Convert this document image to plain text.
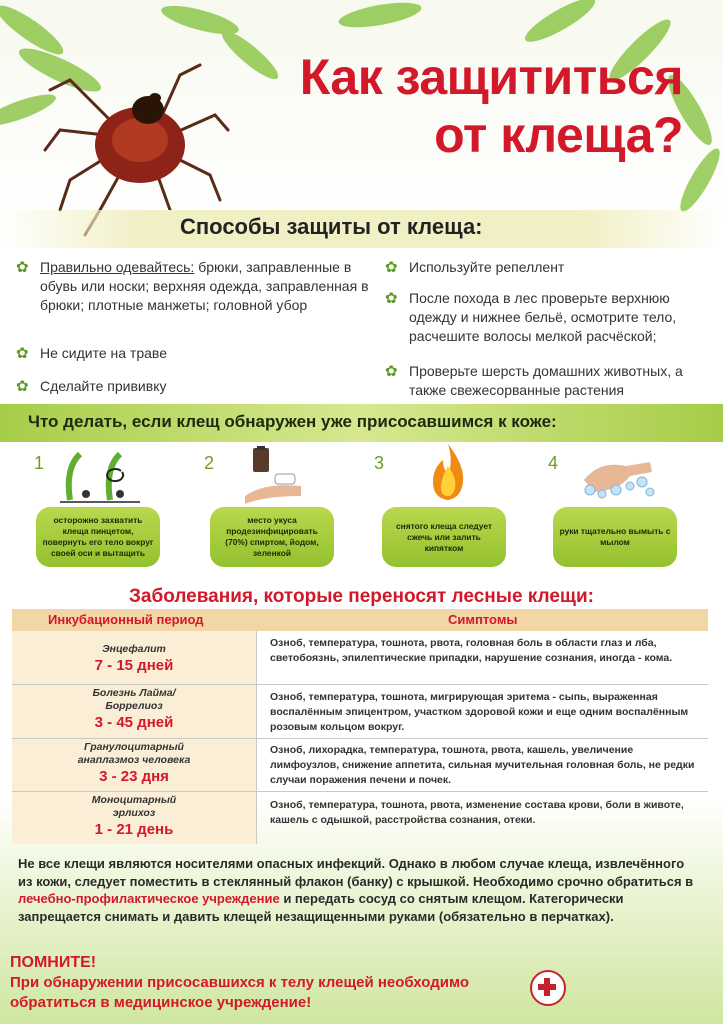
Как защититься
от клеща?
Способы защиты от клеща:
✿ Правильно одевайтесь: брюки, заправленные в обувь или носки; верхняя одежда, заправленная в брюки; плотные манжеты; головной убор
✿ Не сидите на траве
✿ Сделайте прививку
✿ Используйте репеллент
✿ После похода в лес проверьте верхнюю одежду и нижнее бельё, осмотрите тело, расчешите волосы мелкой расчёской;
✿ Проверьте шерсть домашних животных, а также свежесорванные растения
Что делать, если клещ обнаружен уже присосавшимся к коже:
1
осторожно захватить клеща пинцетом, повернуть его тело вокруг своей оси и вытащить
2
место укуса продезинфицировать (70%) спиртом, йодом, зеленкой
3
снятого клеща следует сжечь или залить кипятком
4
руки тщательно вымыть с мылом
Заболевания, которые переносят лесные клещи:
Инкубационный период	Симптомы
Энцефалит
7 - 15 дней
Озноб, температура, тошнота, рвота, головная боль в области глаз и лба, светобоязнь, эпилептические припадки, нарушение сознания, иногда - кома.
Болезнь Лайма/ Боррелиоз
3 - 45 дней
Озноб, температура, тошнота, мигрирующая эритема - сыпь, выраженная воспалённым эпицентром, участком здоровой кожи и еще одним воспалённым розовым кольцом вокруг.
Гранулоцитарный анаплазмоз человека
3 - 23 дня
Озноб, лихорадка, температура, тошнота, рвота, кашель, увеличение лимфоузлов, снижение аппетита, сильная мучительная головная боль, не редки случаи поражения печени и почек.
Моноцитарный эрлихоз
1 - 21 день
Озноб, температура, тошнота, рвота, изменение состава крови, боли в животе, кашель с одышкой, расстройства сознания, отеки.
Не все клещи являются носителями опасных инфекций. Однако в любом случае клеща, извлечённого из кожи, следует поместить в стеклянный флакон (банку) с крышкой. Необходимо срочно обратиться в лечебно-профилактическое учреждение и передать сосуд со снятым клещом. Категорически запрещается снимать и давить клещей незащищенными руками (обязательно в перчатках).
ПОМНИТЕ!
При обнаружении присосавшихся к телу клещей необходимо обратиться в медицинское учреждение!
